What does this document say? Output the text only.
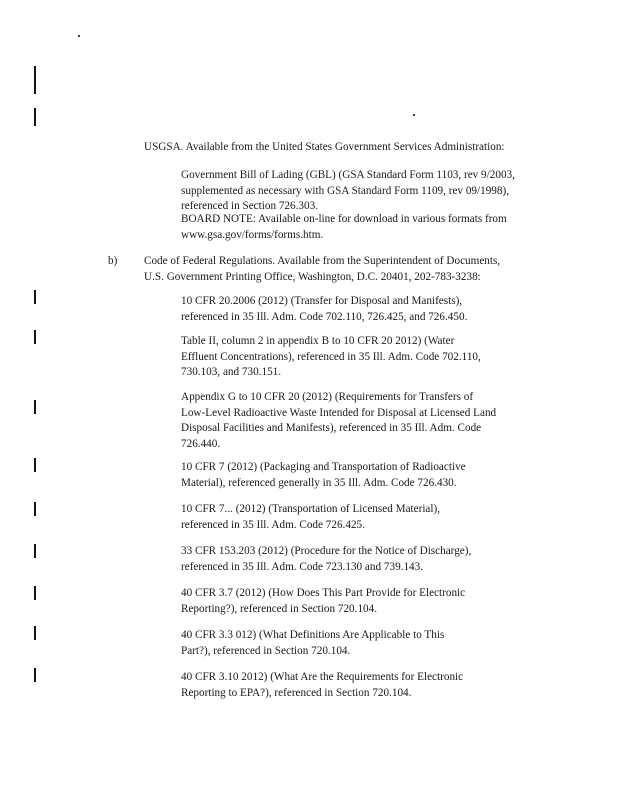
USGSA. Available from the United States Government Services Administration:

Government Bill of Lading (GBL) (GSA Standard Form 1103, rev 9/2003,
supplemented as necessary with GSA Standard Form 1109, rev 09/1998),
referenced in Section 726.303.

BOARD NOTE: Available on-line for download in various formats from
www.gsa.gov/forms/forms.htm.

b) Code of Federal Regulations. Available from the Superintendent of Documents,
U.S. Government Printing Office, Washington, D.C. 20401, 202-783-3238:

10 CFR 20.2006 (2012) (Transfer for Disposal and Manifests),
referenced in 35 Ill. Adm. Code 702.110, 726.425, and 726.450.

Table II, column 2 in appendix B to 10 CFR 20 2012) (Water
Effluent Concentrations), referenced in 35 Ill. Adm. Code 702.110,
730.103, and 730.151.

Appendix G to 10 CFR 20 (2012) (Requirements for Transfers of
Low-Level Radioactive Waste Intended for Disposal at Licensed Land
Disposal Facilities and Manifests), referenced in 35 Ill. Adm. Code
726.440.

10 CFR 7 (2012) (Packaging and Transportation of Radioactive
Material), referenced generally in 35 Ill. Adm. Code 726.430.

10 CFR 7... (2012) (Transportation of Licensed Material),
referenced in 35 Ill. Adm. Code 726.425.

33 CFR 153.203 (2012) (Procedure for the Notice of Discharge),
referenced in 35 Ill. Adm. Code 723.130 and 739.143.

40 CFR 3.7 (2012) (How Does This Part Provide for Electronic
Reporting?), referenced in Section 720.104.

40 CFR 3.3 012) (What Definitions Are Applicable to This
Part?), referenced in Section 720.104.

40 CFR 3.10 2012) (What Are the Requirements for Electronic
Reporting to EPA?), referenced in Section 720.104.
